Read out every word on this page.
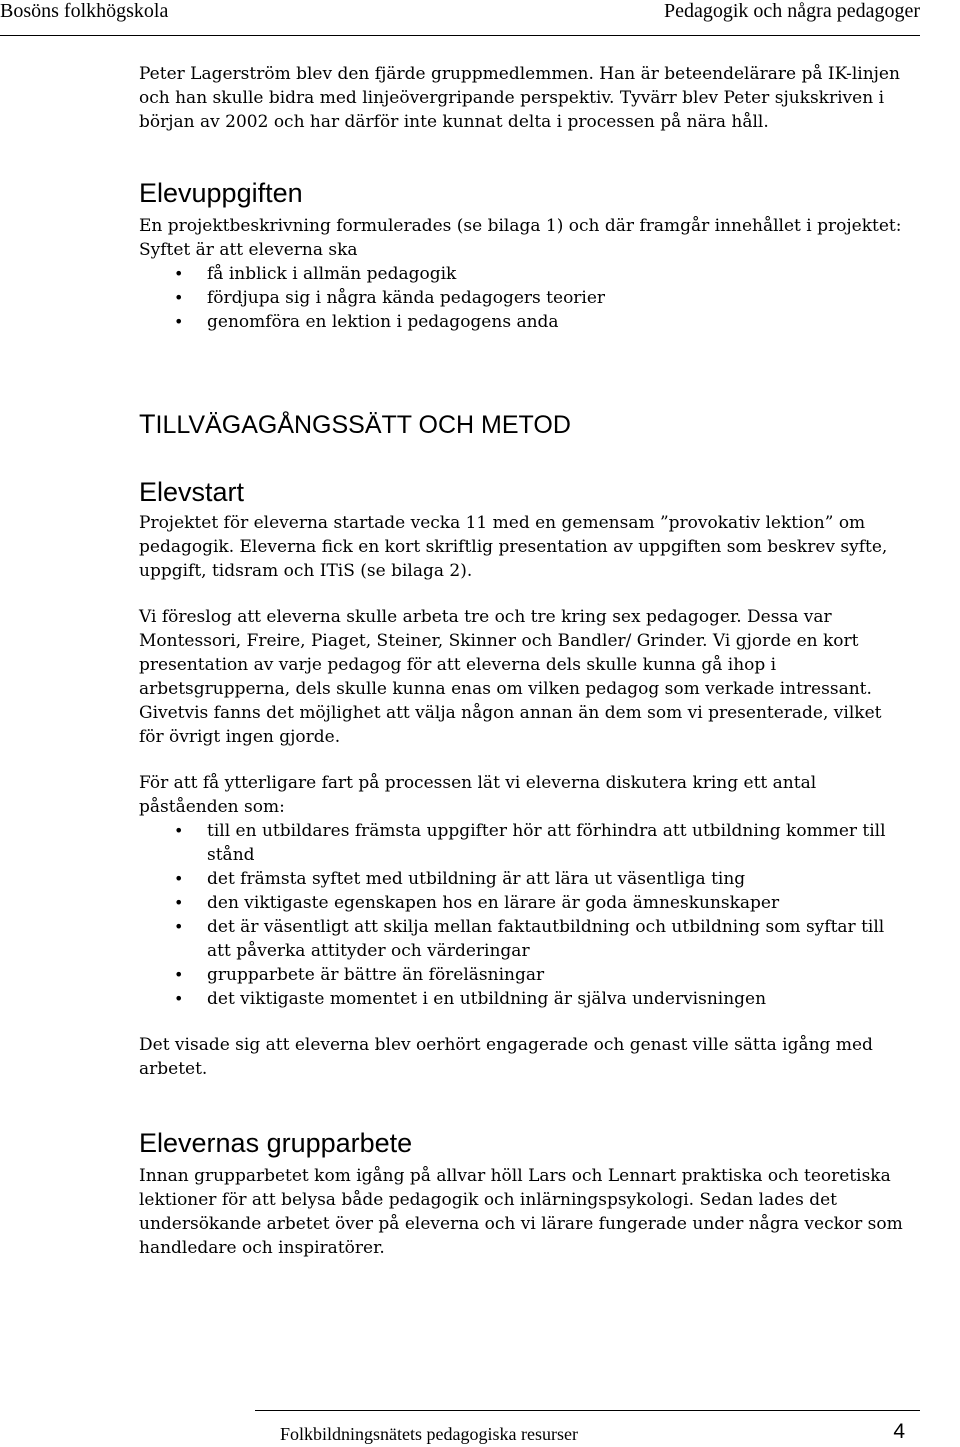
Bosöns folkhögskola	Pedagogik och några pedagoger

Peter Lagerström blev den fjärde gruppmedlemmen. Han är beteendelärare på IK-linjen och han skulle bidra med linjeövergripande perspektiv. Tyvärr blev Peter sjukskriven i början av 2002 och har därför inte kunnat delta i processen på nära håll.

Elevuppgiften

En projektbeskrivning formulerades (se bilaga 1) och där framgår innehållet i projektet:

Syftet är att eleverna ska

• få inblick i allmän pedagogik
• fördjupa sig i några kända pedagogers teorier
• genomföra en lektion i pedagogens anda
TILLVÄGAGÅNGSSÄTT OCH METOD
Elevstart

Projektet för eleverna startade vecka 11 med en gemensam ”provokativ lektion” om pedagogik. Eleverna fick en kort skriftlig presentation av uppgiften som beskrev syfte, uppgift, tidsram och ITiS (se bilaga 2).

Vi föreslog att eleverna skulle arbeta tre och tre kring sex pedagoger. Dessa var Montessori, Freire, Piaget, Steiner, Skinner och Bandler/ Grinder. Vi gjorde en kort presentation av varje pedagog för att eleverna dels skulle kunna gå ihop i arbetsgrupperna, dels skulle kunna enas om vilken pedagog som verkade intressant. Givetvis fanns det möjlighet att välja någon annan än dem som vi presenterade, vilket för övrigt ingen gjorde.

För att få ytterligare fart på processen lät vi eleverna diskutera kring ett antal påståenden som:

• till en utbildares främsta uppgifter hör att förhindra att utbildning kommer till stånd
• det främsta syftet med utbildning är att lära ut väsentliga ting
• den viktigaste egenskapen hos en lärare är goda ämneskunskaper
• det är väsentligt att skilja mellan faktautbildning och utbildning som syftar till att påverka attityder och värderingar
• grupparbete är bättre än föreläsningar
• det viktigaste momentet i en utbildning är själva undervisningen

Det visade sig att eleverna blev oerhört engagerade och genast ville sätta igång med arbetet.

Elevernas grupparbete

Innan grupparbetet kom igång på allvar höll Lars och Lennart praktiska och teoretiska lektioner för att belysa både pedagogik och inlärningspsykologi. Sedan lades det undersökande arbetet över på eleverna och vi lärare fungerade under några veckor som handledare och inspiratörer.

Folkbildningsnätets pedagogiska resurser	4
